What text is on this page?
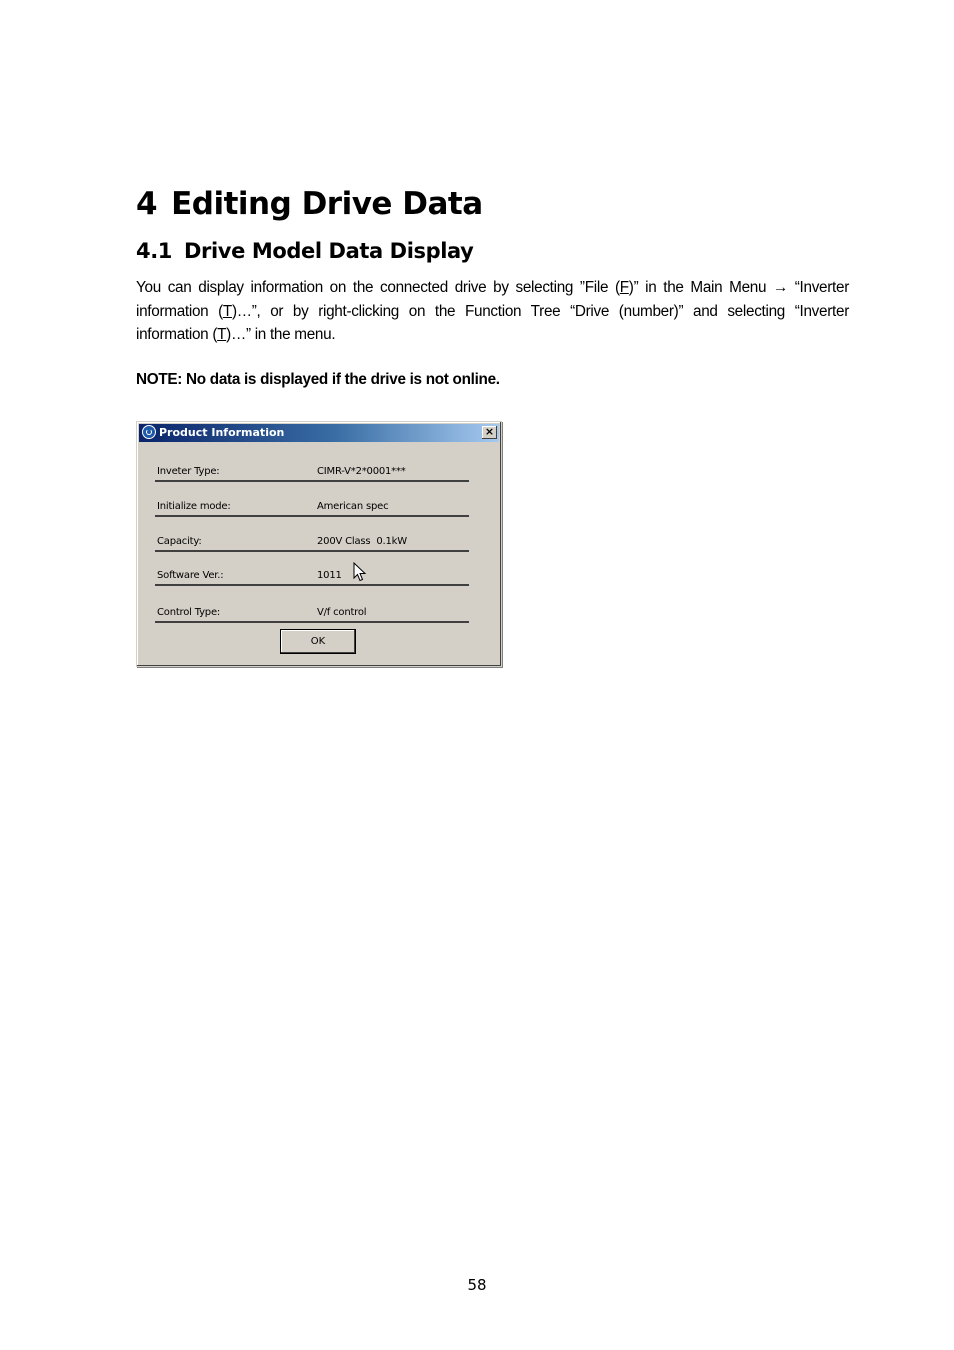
4 Editing Drive Data
4.1 Drive Model Data Display

You can display information on the connected drive by selecting ”File (F)” in the Main Menu → “Inverter information (T)…”, or by right-clicking on the Function Tree “Drive (number)” and selecting “Inverter information (T)…” in the menu.

NOTE: No data is displayed if the drive is not online.

Product Information	×
Inveter Type:	CIMR-V*2*0001***
Initialize mode:	American spec
Capacity:	200V Class  0.1kW
Software Ver.:	1011
Control Type:	V/f control
OK
58
